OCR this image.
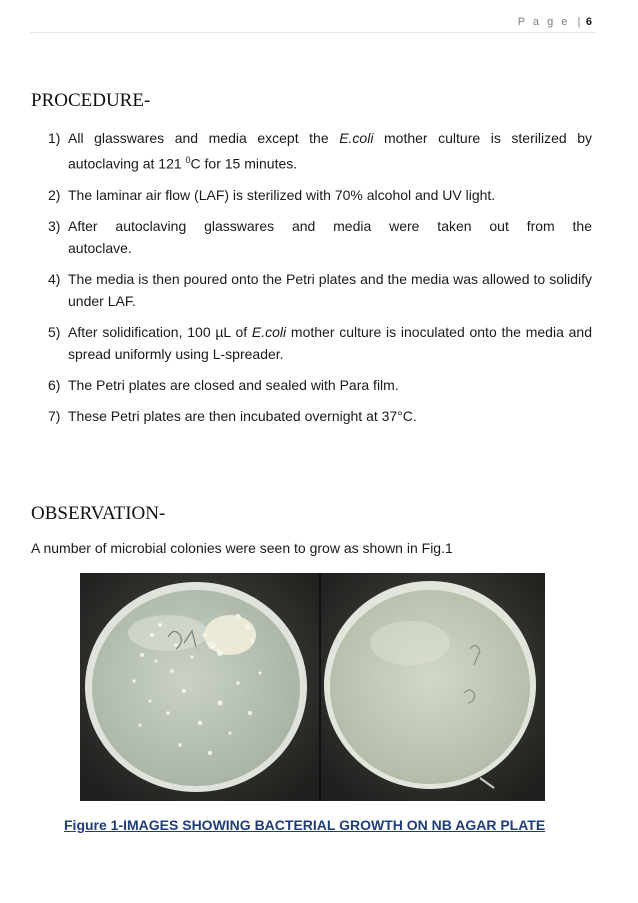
P a g e | 6
PROCEDURE-
1) All glasswares and media except the E.coli mother culture is sterilized by autoclaving at 121 $^0$C for 15 minutes.
2) The laminar air flow (LAF) is sterilized with 70% alcohol and UV light.
3) After autoclaving glasswares and media were taken out from the autoclave.
4) The media is then poured onto the Petri plates and the media was allowed to solidify under LAF.
5) After solidification, 100 µL of E.coli mother culture is inoculated onto the media and spread uniformly using L-spreader.
6) The Petri plates are closed and sealed with Para film.
7) These Petri plates are then incubated overnight at 37°C.
OBSERVATION-

A number of microbial colonies were seen to grow as shown in Fig.1

Figure 1-IMAGES SHOWING BACTERIAL GROWTH ON NB AGAR PLATE
